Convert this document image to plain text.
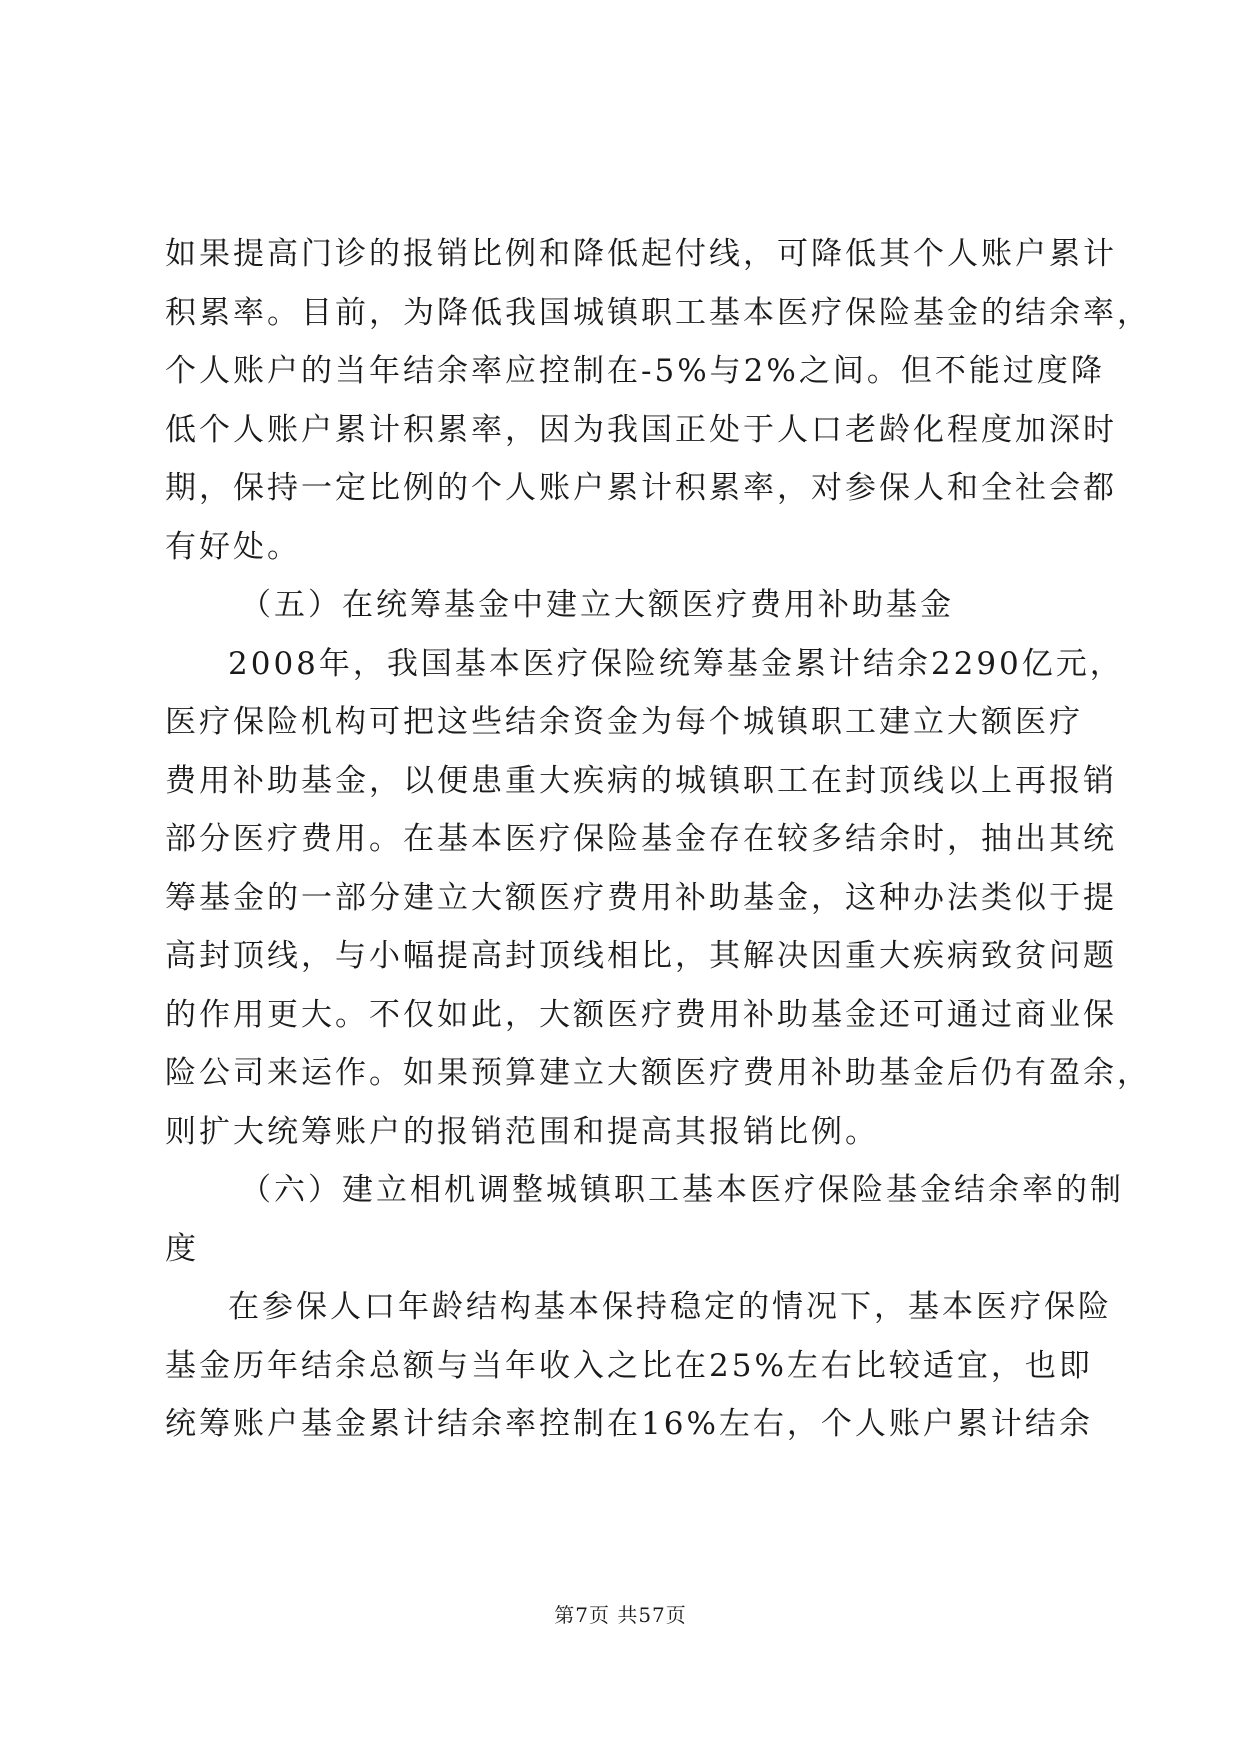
如果提高门诊的报销比例和降低起付线，可降低其个人账户累计
积累率。目前，为降低我国城镇职工基本医疗保险基金的结余率，
个人账户的当年结余率应控制在-5%与2%之间。但不能过度降
低个人账户累计积累率，因为我国正处于人口老龄化程度加深时
期，保持一定比例的个人账户累计积累率，对参保人和全社会都
有好处。
（五）在统筹基金中建立大额医疗费用补助基金
2008年，我国基本医疗保险统筹基金累计结余2290亿元，
医疗保险机构可把这些结余资金为每个城镇职工建立大额医疗
费用补助基金，以便患重大疾病的城镇职工在封顶线以上再报销
部分医疗费用。在基本医疗保险基金存在较多结余时，抽出其统
筹基金的一部分建立大额医疗费用补助基金，这种办法类似于提
高封顶线，与小幅提高封顶线相比，其解决因重大疾病致贫问题
的作用更大。不仅如此，大额医疗费用补助基金还可通过商业保
险公司来运作。如果预算建立大额医疗费用补助基金后仍有盈余，
则扩大统筹账户的报销范围和提高其报销比例。
（六）建立相机调整城镇职工基本医疗保险基金结余率的制
度
在参保人口年龄结构基本保持稳定的情况下，基本医疗保险
基金历年结余总额与当年收入之比在25%左右比较适宜，也即
统筹账户基金累计结余率控制在16%左右，个人账户累计结余
第7页 共57页
